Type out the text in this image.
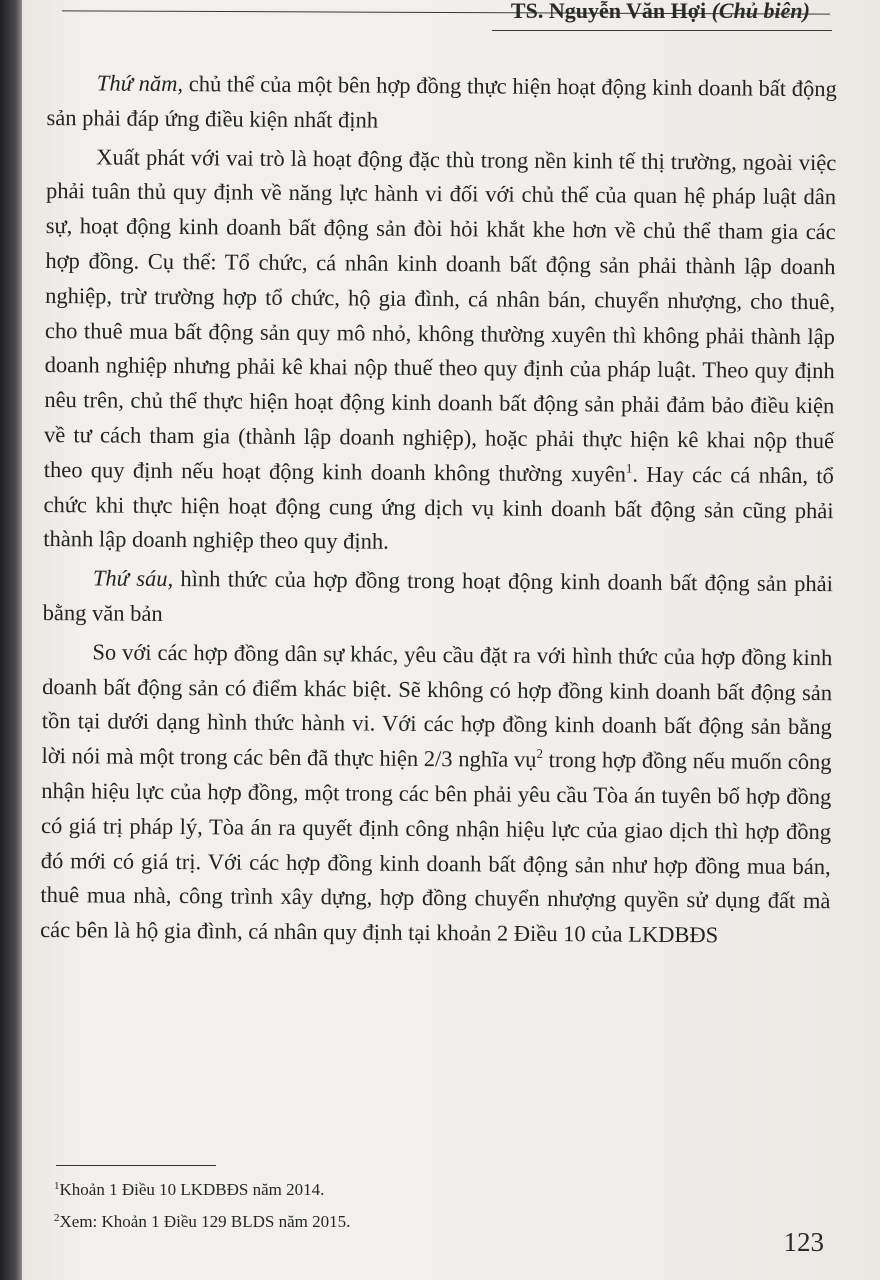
TS. Nguyễn Văn Hợi (Chủ biên)

Thứ năm, chủ thể của một bên hợp đồng thực hiện hoạt động kinh doanh bất động sản phải đáp ứng điều kiện nhất định

Xuất phát với vai trò là hoạt động đặc thù trong nền kinh tế thị trường, ngoài việc phải tuân thủ quy định về năng lực hành vi đối với chủ thể của quan hệ pháp luật dân sự, hoạt động kinh doanh bất động sản đòi hỏi khắt khe hơn về chủ thể tham gia các hợp đồng. Cụ thể: Tổ chức, cá nhân kinh doanh bất động sản phải thành lập doanh nghiệp, trừ trường hợp tổ chức, hộ gia đình, cá nhân bán, chuyển nhượng, cho thuê, cho thuê mua bất động sản quy mô nhỏ, không thường xuyên thì không phải thành lập doanh nghiệp nhưng phải kê khai nộp thuế theo quy định của pháp luật. Theo quy định nêu trên, chủ thể thực hiện hoạt động kinh doanh bất động sản phải đảm bảo điều kiện về tư cách tham gia (thành lập doanh nghiệp), hoặc phải thực hiện kê khai nộp thuế theo quy định nếu hoạt động kinh doanh không thường xuyên$^1$. Hay các cá nhân, tổ chức khi thực hiện hoạt động cung ứng dịch vụ kinh doanh bất động sản cũng phải thành lập doanh nghiệp theo quy định.

Thứ sáu, hình thức của hợp đồng trong hoạt động kinh doanh bất động sản phải bằng văn bản

So với các hợp đồng dân sự khác, yêu cầu đặt ra với hình thức của hợp đồng kinh doanh bất động sản có điểm khác biệt. Sẽ không có hợp đồng kinh doanh bất động sản tồn tại dưới dạng hình thức hành vi. Với các hợp đồng kinh doanh bất động sản bằng lời nói mà một trong các bên đã thực hiện 2/3 nghĩa vụ$^2$ trong hợp đồng nếu muốn công nhận hiệu lực của hợp đồng, một trong các bên phải yêu cầu Tòa án tuyên bố hợp đồng có giá trị pháp lý, Tòa án ra quyết định công nhận hiệu lực của giao dịch thì hợp đồng đó mới có giá trị. Với các hợp đồng kinh doanh bất động sản như hợp đồng mua bán, thuê mua nhà, công trình xây dựng, hợp đồng chuyển nhượng quyền sử dụng đất mà các bên là hộ gia đình, cá nhân quy định tại khoản 2 Điều 10 của LKDBĐS

$^1$Khoản 1 Điều 10 LKDBĐS năm 2014.
$^2$Xem: Khoản 1 Điều 129 BLDS năm 2015.
123
